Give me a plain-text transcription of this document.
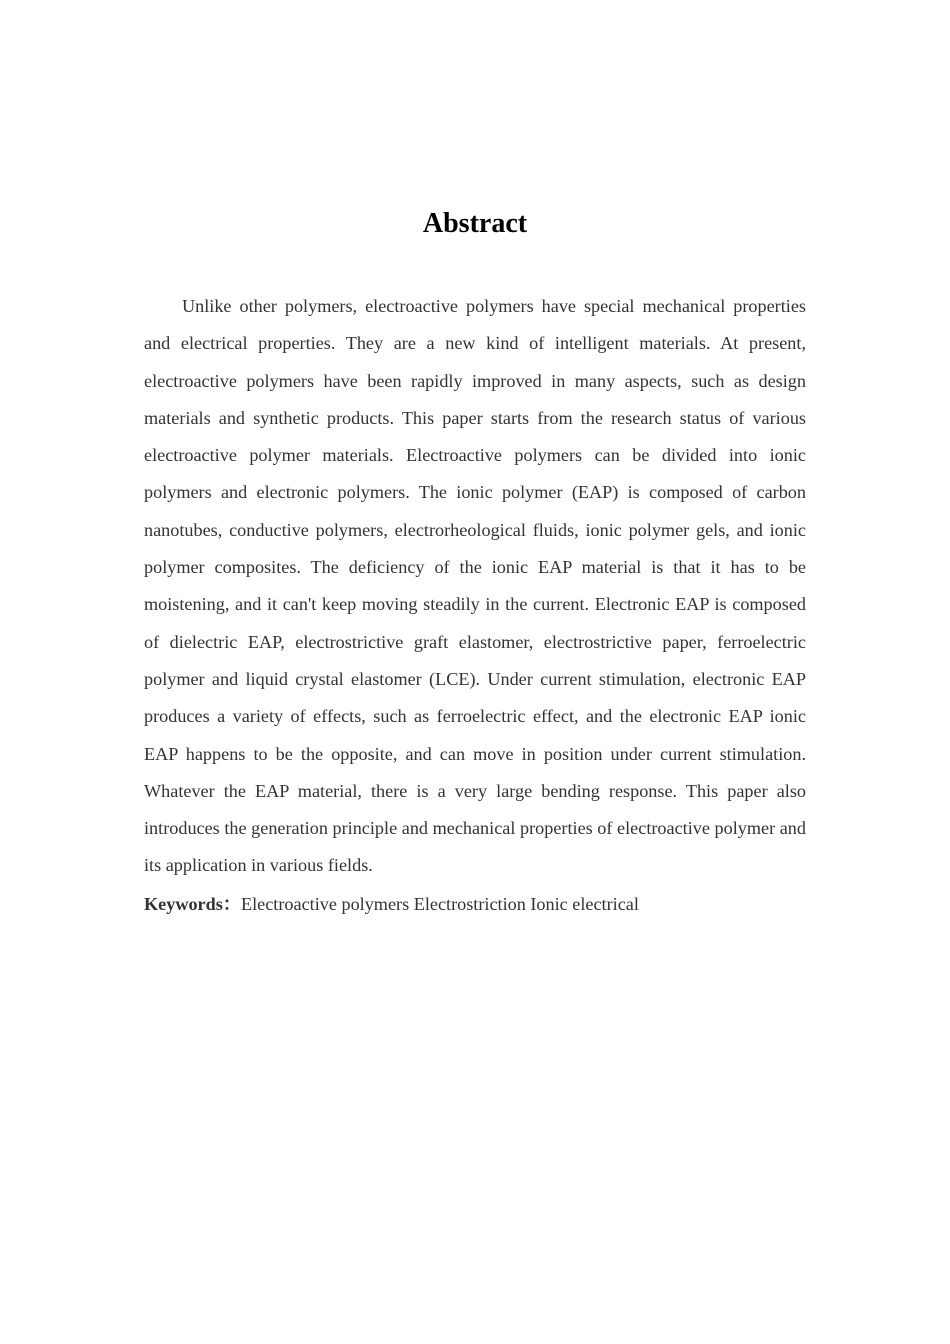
Abstract

Unlike other polymers, electroactive polymers have special mechanical properties and electrical properties. They are a new kind of intelligent materials. At present, electroactive polymers have been rapidly improved in many aspects, such as design materials and synthetic products. This paper starts from the research status of various electroactive polymer materials. Electroactive polymers can be divided into ionic polymers and electronic polymers. The ionic polymer (EAP) is composed of carbon nanotubes, conductive polymers, electrorheological fluids, ionic polymer gels, and ionic polymer composites. The deficiency of the ionic EAP material is that it has to be moistening, and it can't keep moving steadily in the current. Electronic EAP is composed of dielectric EAP, electrostrictive graft elastomer, electrostrictive paper, ferroelectric polymer and liquid crystal elastomer (LCE). Under current stimulation, electronic EAP produces a variety of effects, such as ferroelectric effect, and the electronic EAP ionic EAP happens to be the opposite, and can move in position under current stimulation. Whatever the EAP material, there is a very large bending response. This paper also introduces the generation principle and mechanical properties of electroactive polymer and its application in various fields.

Keywords：Electroactive polymers Electrostriction Ionic electrical
